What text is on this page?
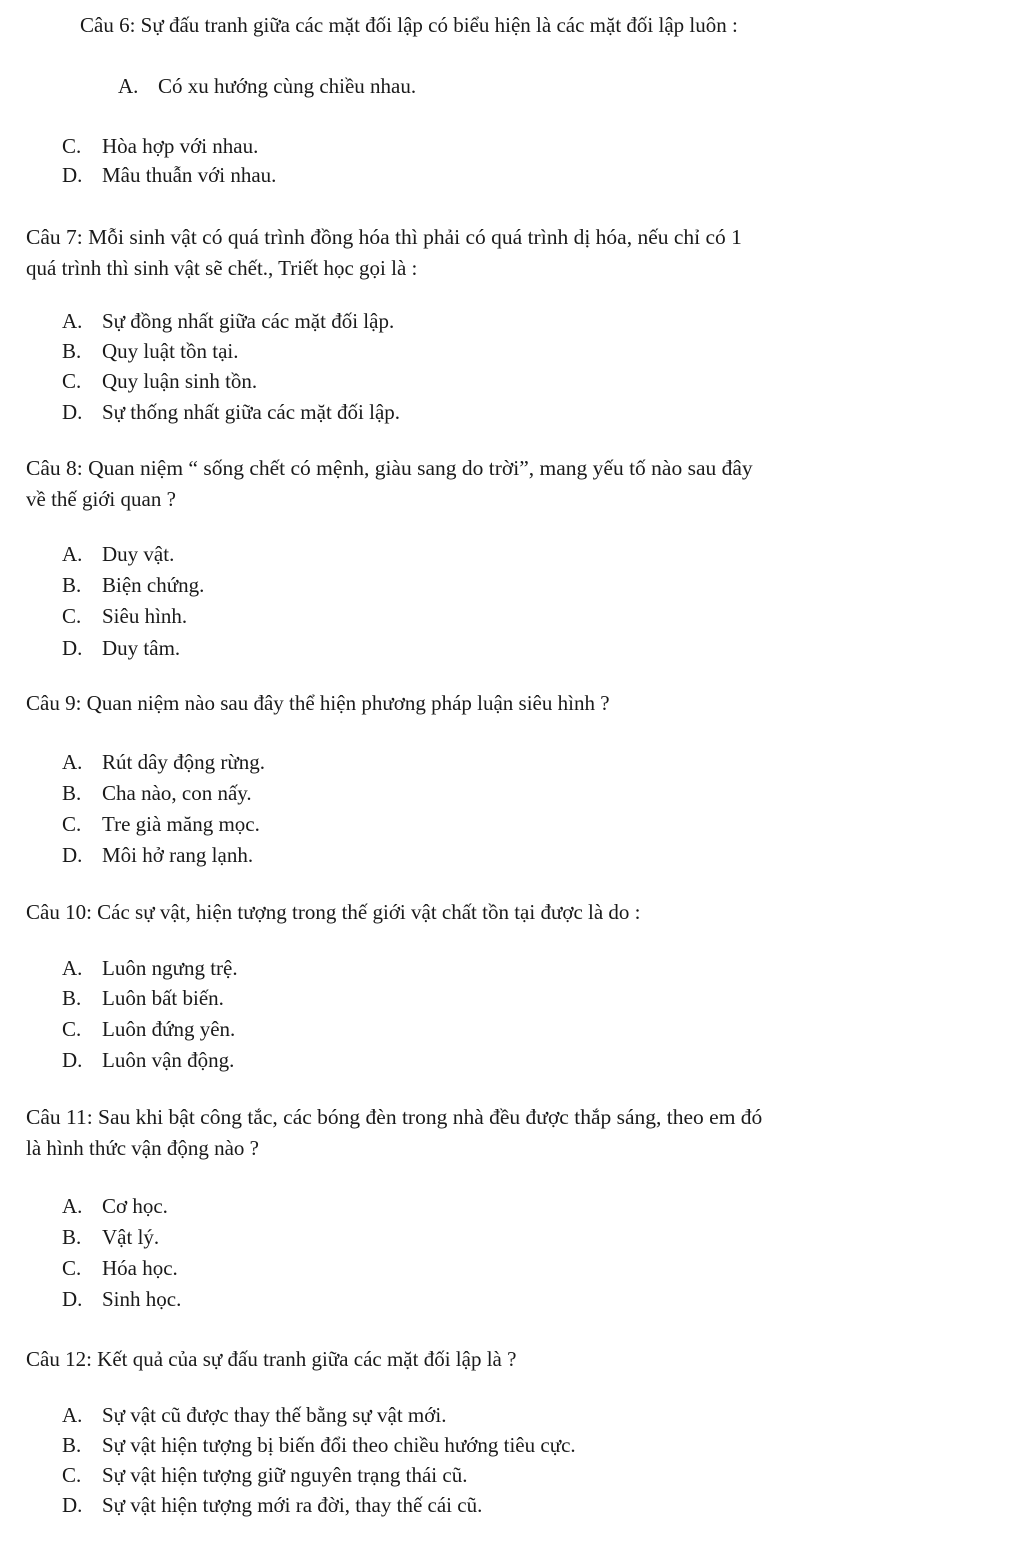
Câu 6: Sự đấu tranh giữa các mặt đối lập có biểu hiện là các mặt đối lập luôn :
A. Có xu hướng cùng chiều nhau.
C. Hòa hợp với nhau.
D. Mâu thuẫn với nhau.
Câu 7: Mỗi sinh vật có quá trình đồng hóa thì phải có quá trình dị hóa, nếu chỉ có 1
quá trình thì sinh vật sẽ chết., Triết học gọi là :
A. Sự đồng nhất giữa các mặt đối lập.
B. Quy luật tồn tại.
C. Quy luận sinh tồn.
D. Sự thống nhất giữa các mặt đối lập.
Câu 8: Quan niệm “ sống chết có mệnh, giàu sang do trời”, mang yếu tố nào sau đây
về thế giới quan ?
A. Duy vật.
B. Biện chứng.
C. Siêu hình.
D. Duy tâm.
Câu 9: Quan niệm nào sau đây thể hiện phương pháp luận siêu hình ?
A. Rút dây động rừng.
B. Cha nào, con nấy.
C. Tre già măng mọc.
D. Môi hở rang lạnh.
Câu 10: Các sự vật, hiện tượng trong thế giới vật chất tồn tại được là do :
A. Luôn ngưng trệ.
B. Luôn bất biến.
C. Luôn đứng yên.
D. Luôn vận động.
Câu 11: Sau khi bật công tắc, các bóng đèn trong nhà đều được thắp sáng, theo em đó
là hình thức vận động nào ?
A. Cơ học.
B. Vật lý.
C. Hóa học.
D. Sinh học.
Câu 12: Kết quả của sự đấu tranh giữa các mặt đối lập là ?
A. Sự vật cũ được thay thế bằng sự vật mới.
B. Sự vật hiện tượng bị biến đổi theo chiều hướng tiêu cực.
C. Sự vật hiện tượng giữ nguyên trạng thái cũ.
D. Sự vật hiện tượng mới ra đời, thay thế cái cũ.
